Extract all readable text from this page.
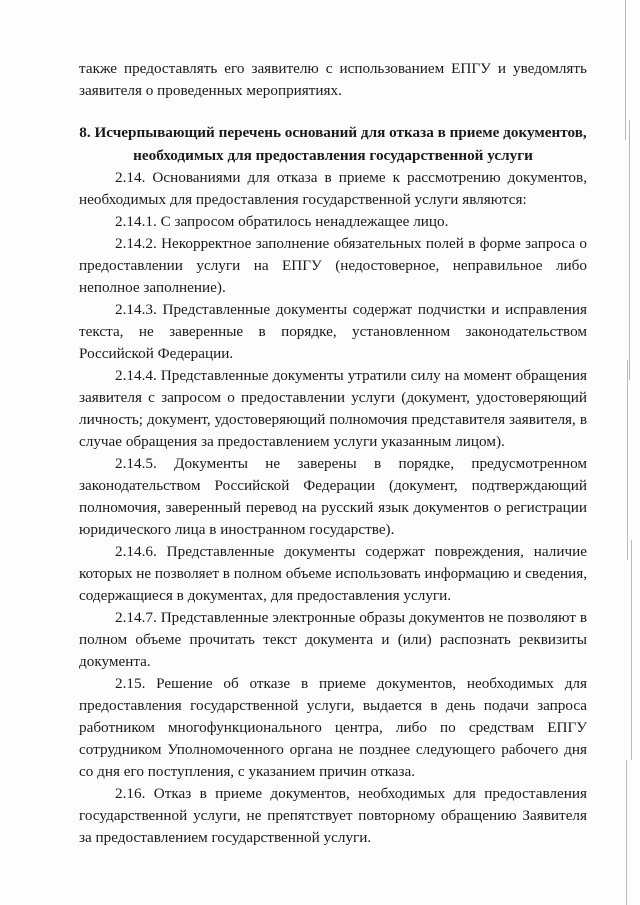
также предоставлять его заявителю с использованием ЕПГУ и уведомлять заявителя о проведенных мероприятиях.

8. Исчерпывающий перечень оснований для отказа в приеме документов, необходимых для предоставления государственной услуги

2.14. Основаниями для отказа в приеме к рассмотрению документов, необходимых для предоставления государственной услуги являются:

2.14.1. С запросом обратилось ненадлежащее лицо.

2.14.2. Некорректное заполнение обязательных полей в форме запроса о предоставлении услуги на ЕПГУ (недостоверное, неправильное либо неполное заполнение).

2.14.3. Представленные документы содержат подчистки и исправления текста, не заверенные в порядке, установленном законодательством Российской Федерации.

2.14.4. Представленные документы утратили силу на момент обращения заявителя с запросом о предоставлении услуги (документ, удостоверяющий личность; документ, удостоверяющий полномочия представителя заявителя, в случае обращения за предоставлением услуги указанным лицом).

2.14.5. Документы не заверены в порядке, предусмотренном законодательством Российской Федерации (документ, подтверждающий полномочия, заверенный перевод на русский язык документов о регистрации юридического лица в иностранном государстве).

2.14.6. Представленные документы содержат повреждения, наличие которых не позволяет в полном объеме использовать информацию и сведения, содержащиеся в документах, для предоставления услуги.

2.14.7. Представленные электронные образы документов не позволяют в полном объеме прочитать текст документа и (или) распознать реквизиты документа.

2.15. Решение об отказе в приеме документов, необходимых для предоставления государственной услуги, выдается в день подачи запроса работником многофункционального центра, либо по средствам ЕПГУ сотрудником Уполномоченного органа не позднее следующего рабочего дня со дня его поступления, с указанием причин отказа.

2.16. Отказ в приеме документов, необходимых для предоставления государственной услуги, не препятствует повторному обращению Заявителя за предоставлением государственной услуги.
